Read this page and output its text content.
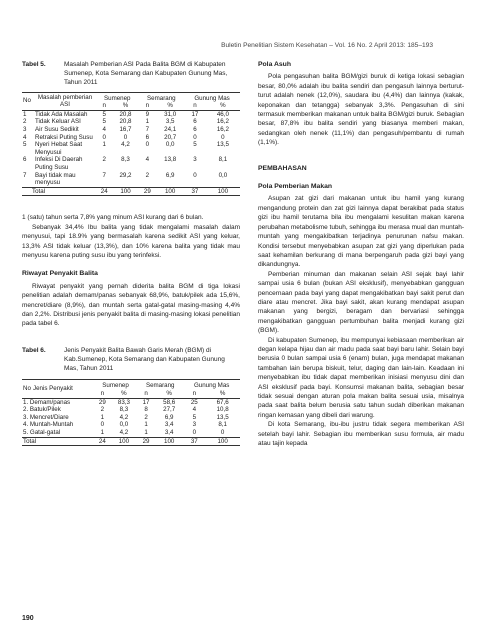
Buletin Penelitian Sistem Kesehatan – Vol. 16 No. 2 April 2013: 185–193
Tabel 5.	Masalah Pemberian ASI Pada Balita BGM di Kabupaten Sumenep, Kota Semarang dan Kabupaten Gunung Mas, Tahun 2011
No	Masalah pemberian ASI	Sumenep		Semarang		Gunung Mas	
		n	%	n	%	n	%
1	Tidak Ada Masalah	5	20,8	9	31,0	17	46,0
2	Tidak Keluar ASI	5	20,8	1	3,5	6	16,2
3	Air Susu Sedikit	4	16,7	7	24,1	6	16,2
4	Retraksi Puting Susu	0	0	6	20,7	0	0
5	Nyeri Hebat Saat Menyusui	1	4,2	0	0,0	5	13,5
6	Infeksi Di Daerah Puting Susu	2	8,3	4	13,8	3	8,1
7	Bayi tidak mau menyusu	7	29,2	2	6,9	0	0,0
Total		24	100	29	100	37	100

1 (satu) tahun serta 7,8% yang minum ASI kurang dari 6 bulan.

Sebanyak 34,4% Ibu balita yang tidak mengalami masalah dalam menyusui, tapi 18.9% yang bermasalah karena sedikit ASI yang keluar, 13,3% ASI tidak keluar (13,3%), dan 10% karena balita yang tidak mau menyusu karena puting susu ibu yang terinfeksi.

Riwayat Penyakit Balita

Riwayat penyakit yang pernah diderita balita BGM di tiga lokasi penelitian adalah demam/panas sebanyak 68,9%, batuk/pilek ada 15,6%, mencret/diare (8,9%), dan muntah serta gatal-gatal masing-masing 4,4% dan 2,2%. Distribusi jenis penyakit balita di masing-masing lokasi penelitian pada tabel 6.

Tabel 6.	Jenis Penyakit Balita Bawah Garis Merah (BGM) di Kab.Sumenep, Kota Semarang dan Kabupaten Gunung Mas, Tahun 2011
No	Jenis Penyakit	Sumenep		Semarang		Gunung Mas	
		n	%	n	%	n	%
1. Demam/panas		29	83,3	17	58,6	25	67,6
2. Batuk/Pilek		2	8,3	8	27,7	4	10,8
3. Mencret/Diare		1	4,2	2	6,9	5	13,5
4. Muntah-Muntah		0	0,0	1	3,4	3	8,1
5. Gatal-gatal		1	4,2	1	3,4	0	0
Total		24	100	29	100	37	100

Pola Asuh

Pola pengasuhan balita BGM/gizi buruk di ketiga lokasi sebagian besar, 80,0% adalah ibu balita sendiri dan pengasuh lainnya berturut-turut adalah nenek (12,0%), saudara ibu (4,4%) dan lainnya (kakak, keponakan dan tetangga) sebanyak 3,3%. Pengasuhan di sini termasuk memberikan makanan untuk balita BGM/gizi buruk. Sebagian besar, 87,8% ibu balita sendiri yang biasanya memberi makan, sedangkan oleh nenek (11,1%) dan pengasuh/pembantu di rumah (1,1%).

PEMBAHASAN

Pola Pemberian Makan

Asupan zat gizi dari makanan untuk ibu hamil yang kurang mengandung protein dan zat gizi lainnya dapat berakibat pada status gizi ibu hamil terutama bila ibu mengalami kesulitan makan karena perubahan metabolisme tubuh, sehingga ibu merasa mual dan muntah-muntah yang mengakibatkan terjadinya penurunan nafsu makan. Kondisi tersebut menyebabkan asupan zat gizi yang diperlukan pada saat kehamilan berkurang di mana berpengaruh pada gizi bayi yang dikandungnya.

Pemberian minuman dan makanan selain ASI sejak bayi lahir sampai usia 6 bulan (bukan ASI eksklusif), menyebabkan gangguan pencernaan pada bayi yang dapat mengakibatkan bayi sakit perut dan diare atau mencret. Jika bayi sakit, akan kurang mendapat asupan makanan yang bergizi, beragam dan bervariasi sehingga mengakibatkan gangguan pertumbuhan balita menjadi kurang gizi (BGM).

Di kabupaten Sumenep, ibu mempunyai kebiasaan memberikan air degan kelapa hijau dan air madu pada saat bayi baru lahir. Selain bayi berusia 0 bulan sampai usia 6 (enam) bulan, juga mendapat makanan tambahan lain berupa biskuit, telur, daging dan lain-lain. Keadaan ini menyebabkan ibu tidak dapat memberikan inisiasi menyusu dini dan ASI eksklusif pada bayi. Konsumsi makanan balita, sebagian besar tidak sesuai dengan aturan pola makan balita sesuai usia, misalnya pada saat balita belum berusia satu tahun sudah diberikan makanan ringan kemasan yang dibeli dari warung.

Di kota Semarang, ibu-ibu justru tidak segera memberikan ASI setelah bayi lahir. Sebagian ibu memberikan susu formula, air madu atau tajin kepada

190
